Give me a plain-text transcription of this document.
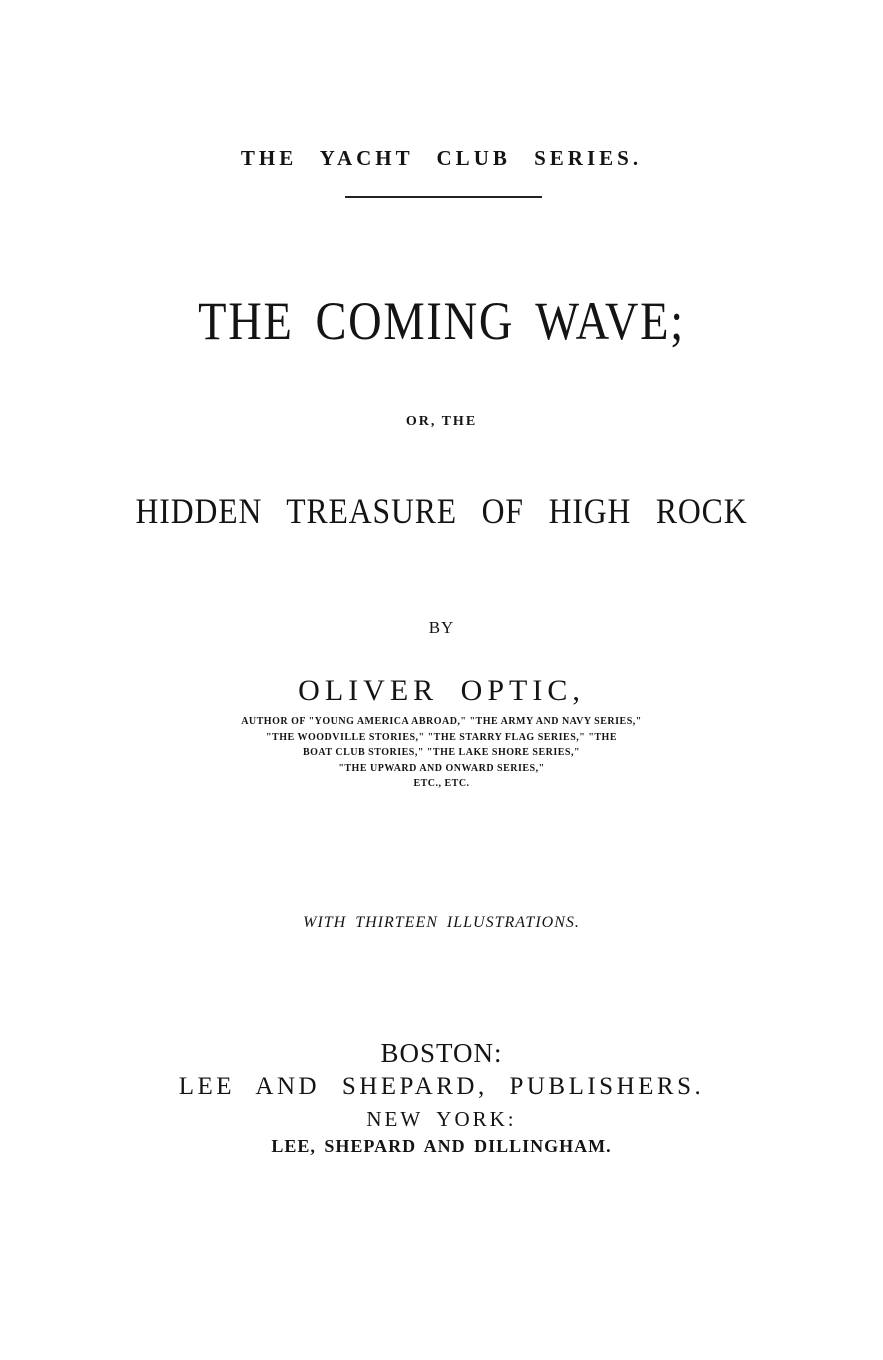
THE YACHT CLUB SERIES.
THE COMING WAVE;
OR, THE
HIDDEN TREASURE OF HIGH ROCK
BY
OLIVER OPTIC,
AUTHOR OF "YOUNG AMERICA ABROAD," "THE ARMY AND NAVY SERIES,"
"THE WOODVILLE STORIES," "THE STARRY FLAG SERIES," "THE
BOAT CLUB STORIES," "THE LAKE SHORE SERIES,"
"THE UPWARD AND ONWARD SERIES,"
ETC., ETC.
WITH THIRTEEN ILLUSTRATIONS.
BOSTON:
LEE AND SHEPARD, PUBLISHERS.
NEW YORK:
LEE, SHEPARD AND DILLINGHAM.
